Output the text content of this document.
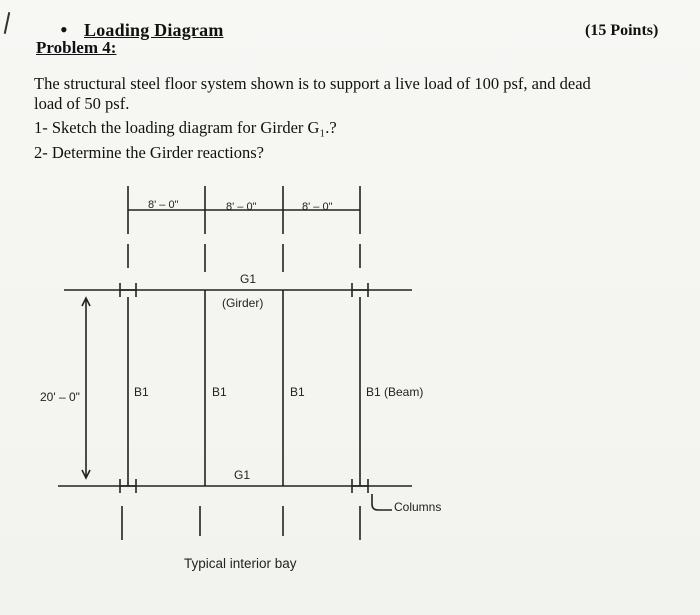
• Loading Diagram
Problem 4:
(15 Points)
The structural steel floor system shown is to support a live load of 100 psf, and dead
load of 50 psf.
1- Sketch the loading diagram for Girder G₁.?
2- Determine the Girder reactions?
8' – 0"	8' – 0"	8' – 0"
G1
(Girder)
20' – 0"	B1	B1	B1	B1 (Beam)
G1
Columns
Typical interior bay
